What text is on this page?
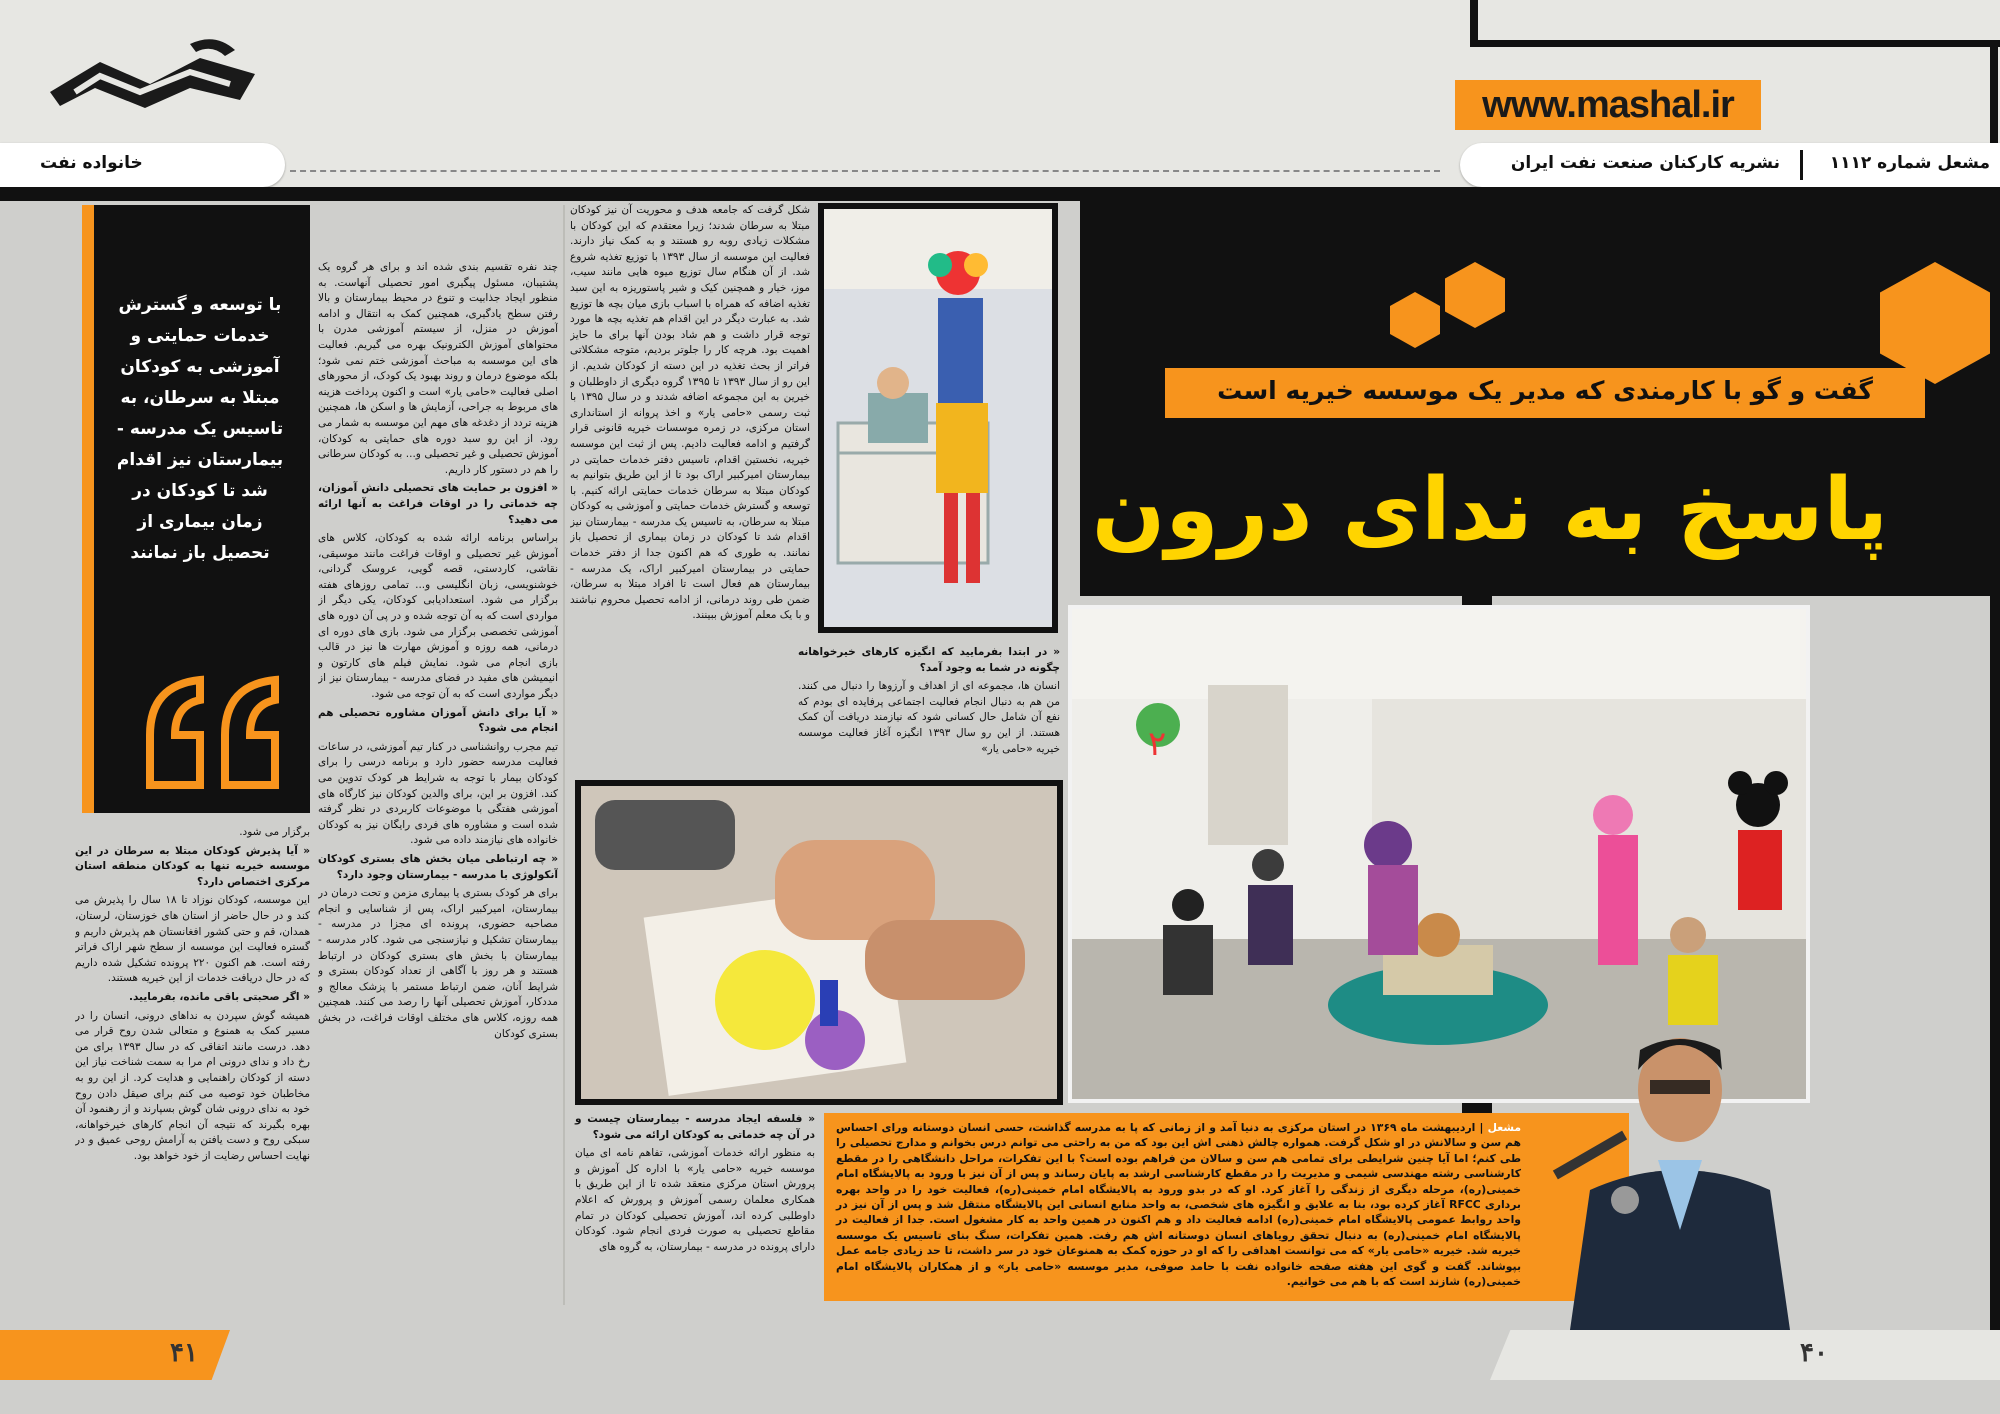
www.mashal.ir
خانواده نفت	نشریه کارکنان صنعت نفت ایران	مشعل شماره ۱۱۱۲
گفت و گو با کارمندی که مدیر یک موسسه خیریه است
پاسخ به ندای درون
٢
مشعل | اردیبهشت ماه ۱۳۶۹ در استان مرکزی به دنیا آمد و از زمانی که پا به مدرسه گذاشت، حسی انسان دوستانه ورای احساس هم سن و سالانش در او شکل گرفت. همواره چالش ذهنی اش این بود که من به راحتی می توانم درس بخوانم و مدارج تحصیلی را طی کنم؛ اما آیا چنین شرایطی برای تمامی هم سن و سالان من فراهم بوده است؟ با این تفکرات، مراحل دانشگاهی را در مقطع کارشناسی رشته مهندسی شیمی و مدیریت را در مقطع کارشناسی ارشد به پایان رساند و پس از آن نیز با ورود به پالایشگاه امام خمینی(ره)، مرحله دیگری از زندگی را آغاز کرد. او که در بدو ورود به پالایشگاه امام خمینی(ره)، فعالیت خود را در واحد بهره برداری RFCC آغاز کرده بود، بنا به علایق و انگیزه های شخصی، به واحد منابع انسانی این پالایشگاه منتقل شد و پس از آن نیز در واحد روابط عمومی پالایشگاه امام خمینی(ره) ادامه فعالیت داد و هم اکنون در همین واحد به کار مشغول است. جدا از فعالیت در پالایشگاه امام خمینی(ره) به دنبال تحقق رویاهای انسان دوستانه اش هم رفت. همین تفکرات، سنگ بنای تاسیس یک موسسه خیریه شد. خیریه «حامی یار» که می توانست اهدافی را که او در حوزه کمک به همنوعان خود در سر داشت، تا حد زیادی جامه عمل بپوشاند. گفت و گوی این هفته صفحه خانواده نفت با حامد صوفی، مدیر موسسه «حامی یار» و از همکاران پالایشگاه امام خمینی(ره) شازند است که با هم می خوانیم.
۴۱	۴۰

« در ابتدا بفرمایید که انگیزه کارهای خیرخواهانه چگونه در شما به وجود آمد؟

انسان ها، مجموعه ای از اهداف و آرزوها را دنبال می کنند. من هم به دنبال انجام فعالیت اجتماعی پرفایده ای بودم که نفع آن شامل حال کسانی شود که نیازمند دریافت آن کمک هستند. از این رو سال ۱۳۹۳ انگیزه آغاز فعالیت موسسه خیریه «حامی یار»

شکل گرفت که جامعه هدف و محوریت آن نیز کودکان مبتلا به سرطان شدند؛ زیرا معتقدم که این کودکان با مشکلات زیادی روبه رو هستند و به کمک نیاز دارند. فعالیت این موسسه از سال ۱۳۹۳ با توزیع تغذیه شروع شد. از آن هنگام سال توزیع میوه هایی مانند سیب، موز، خیار و همچنین کیک و شیر پاستوریزه به این سبد تغذیه اضافه که همراه با اسباب بازی میان بچه ها توزیع شد. به عبارت دیگر در این اقدام هم تغذیه بچه ها مورد توجه قرار داشت و هم شاد بودن آنها برای ما حایز اهمیت بود. هرچه کار را جلوتر بردیم، متوجه مشکلاتی فراتر از بحث تغذیه در این دسته از کودکان شدیم. از این رو از سال ۱۳۹۳ تا ۱۳۹۵ گروه دیگری از داوطلبان و خیرین به این مجموعه اضافه شدند و در سال ۱۳۹۵ با ثبت رسمی «حامی یار» و اخذ پروانه از استانداری استان مرکزی، در زمره موسسات خیریه قانونی قرار گرفتیم و ادامه فعالیت دادیم. پس از ثبت این موسسه خیریه، نخستین اقدام، تاسیس دفتر خدمات حمایتی در بیمارستان امیرکبیر اراک بود تا از این طریق بتوانیم به کودکان مبتلا به سرطان خدمات حمایتی ارائه کنیم. با توسعه و گسترش خدمات حمایتی و آموزشی به کودکان مبتلا به سرطان، به تاسیس یک مدرسه - بیمارستان نیز اقدام شد تا کودکان در زمان بیماری از تحصیل باز نمانند. به طوری که هم اکنون جدا از دفتر خدمات حمایتی در بیمارستان امیرکبیر اراک، یک مدرسه - بیمارستان هم فعال است تا افراد مبتلا به سرطان، ضمن طی روند درمانی، از ادامه تحصیل محروم نباشند و با یک معلم آموزش ببینند.

« فلسفه ایجاد مدرسه - بیمارستان چیست و در آن چه خدماتی به کودکان ارائه می شود؟

به منظور ارائه خدمات آموزشی، تفاهم نامه ای میان موسسه خیریه «حامی یار» با اداره کل آموزش و پرورش استان مرکزی منعقد شده تا از این طریق با همکاری معلمان رسمی آموزش و پرورش که اعلام داوطلبی کرده اند، آموزش تحصیلی کودکان در تمام مقاطع تحصیلی به صورت فردی انجام شود. کودکان دارای پرونده در مدرسه - بیمارستان، به گروه های

چند نفره تقسیم بندی شده اند و برای هر گروه یک پشتیبان، مسئول پیگیری امور تحصیلی آنهاست. به منظور ایجاد جذابیت و تنوع در محیط بیمارستان و بالا رفتن سطح یادگیری، همچنین کمک به انتقال و ادامه آموزش در منزل، از سیستم آموزشی مدرن با محتواهای آموزش الکترونیک بهره می گیریم. فعالیت های این موسسه به مباحث آموزشی ختم نمی شود؛ بلکه موضوع درمان و روند بهبود یک کودک، از محورهای اصلی فعالیت «حامی یار» است و اکنون پرداخت هزینه های مربوط به جراحی، آزمایش ها و اسکن ها، همچنین هزینه تردد از دغدغه های مهم این موسسه به شمار می رود. از این رو سبد دوره های حمایتی به کودکان، آموزش تحصیلی و غیر تحصیلی و... به کودکان سرطانی را هم در دستور کار داریم.

« افزون بر حمایت های تحصیلی دانش آموزان، چه خدماتی را در اوقات فراغت به آنها ارائه می دهید؟

براساس برنامه ارائه شده به کودکان، کلاس های آموزش غیر تحصیلی و اوقات فراغت مانند موسیقی، نقاشی، کاردستی، قصه گویی، عروسک گردانی، خوشنویسی، زبان انگلیسی و... تمامی روزهای هفته برگزار می شود. استعدادیابی کودکان، یکی دیگر از مواردی است که به آن توجه شده و در پی آن دوره های آموزشی تخصصی برگزار می شود. بازی های دوره ای درمانی، همه روزه و آموزش مهارت ها نیز در قالب بازی انجام می شود. نمایش فیلم های کارتون و انیمیشن های مفید در فضای مدرسه - بیمارستان نیز از دیگر مواردی است که به آن توجه می شود.

« آیا برای دانش آموزان مشاوره تحصیلی هم انجام می شود؟

تیم مجرب روانشناسی در کنار تیم آموزشی، در ساعات فعالیت مدرسه حضور دارد و برنامه درسی را برای کودکان بیمار با توجه به شرایط هر کودک تدوین می کند. افزون بر این، برای والدین کودکان نیز کارگاه های آموزشی هفتگی با موضوعات کاربردی در نظر گرفته شده است و مشاوره های فردی رایگان نیز به کودکان خانواده های نیازمند داده می شود.

« چه ارتباطی میان بخش های بستری کودکان آنکولوژی با مدرسه - بیمارستان وجود دارد؟

برای هر کودک بستری یا بیماری مزمن و تحت درمان در بیمارستان، امیرکبیر اراک، پس از شناسایی و انجام مصاحبه حضوری، پرونده ای مجزا در مدرسه - بیمارستان تشکیل و نیازسنجی می شود. کادر مدرسه - بیمارستان با بخش های بستری کودکان در ارتباط هستند و هر روز با آگاهی از تعداد کودکان بستری و شرایط آنان، ضمن ارتباط مستمر با پزشک معالج و مددکار، آموزش تحصیلی آنها را رصد می کنند. همچنین همه روزه، کلاس های مختلف اوقات فراغت، در بخش بستری کودکان

با توسعه و گسترش خدمات حمایتی و آموزشی به کودکان مبتلا به سرطان، به تاسیس یک مدرسه - بیمارستان نیز اقدام شد تا کودکان در زمان بیماری از تحصیل باز نمانند

برگزار می شود.

« آیا پذیرش کودکان مبتلا به سرطان در این موسسه خیریه تنها به کودکان منطقه استان مرکزی اختصاص دارد؟

این موسسه، کودکان نوزاد تا ۱۸ سال را پذیرش می کند و در حال حاضر از استان های خوزستان، لرستان، همدان، قم و حتی کشور افغانستان هم پذیرش داریم و گستره فعالیت این موسسه از سطح شهر اراک فراتر رفته است. هم اکنون ۲۲۰ پرونده تشکیل شده داریم که در حال دریافت خدمات از این خیریه هستند.

« اگر صحبتی باقی مانده، بفرمایید.

همیشه گوش سپردن به نداهای درونی، انسان را در مسیر کمک به همنوع و متعالی شدن روح قرار می دهد. درست مانند اتفاقی که در سال ۱۳۹۳ برای من رخ داد و ندای درونی ام مرا به سمت شناخت نیاز این دسته از کودکان راهنمایی و هدایت کرد. از این رو به مخاطبان خود توصیه می کنم برای صیقل دادن روح خود به ندای درونی شان گوش بسپارند و از رهنمود آن بهره بگیرند که نتیجه آن انجام کارهای خیرخواهانه، سبکی روح و دست یافتن به آرامش روحی عمیق و در نهایت احساس رضایت از خود خواهد بود.
